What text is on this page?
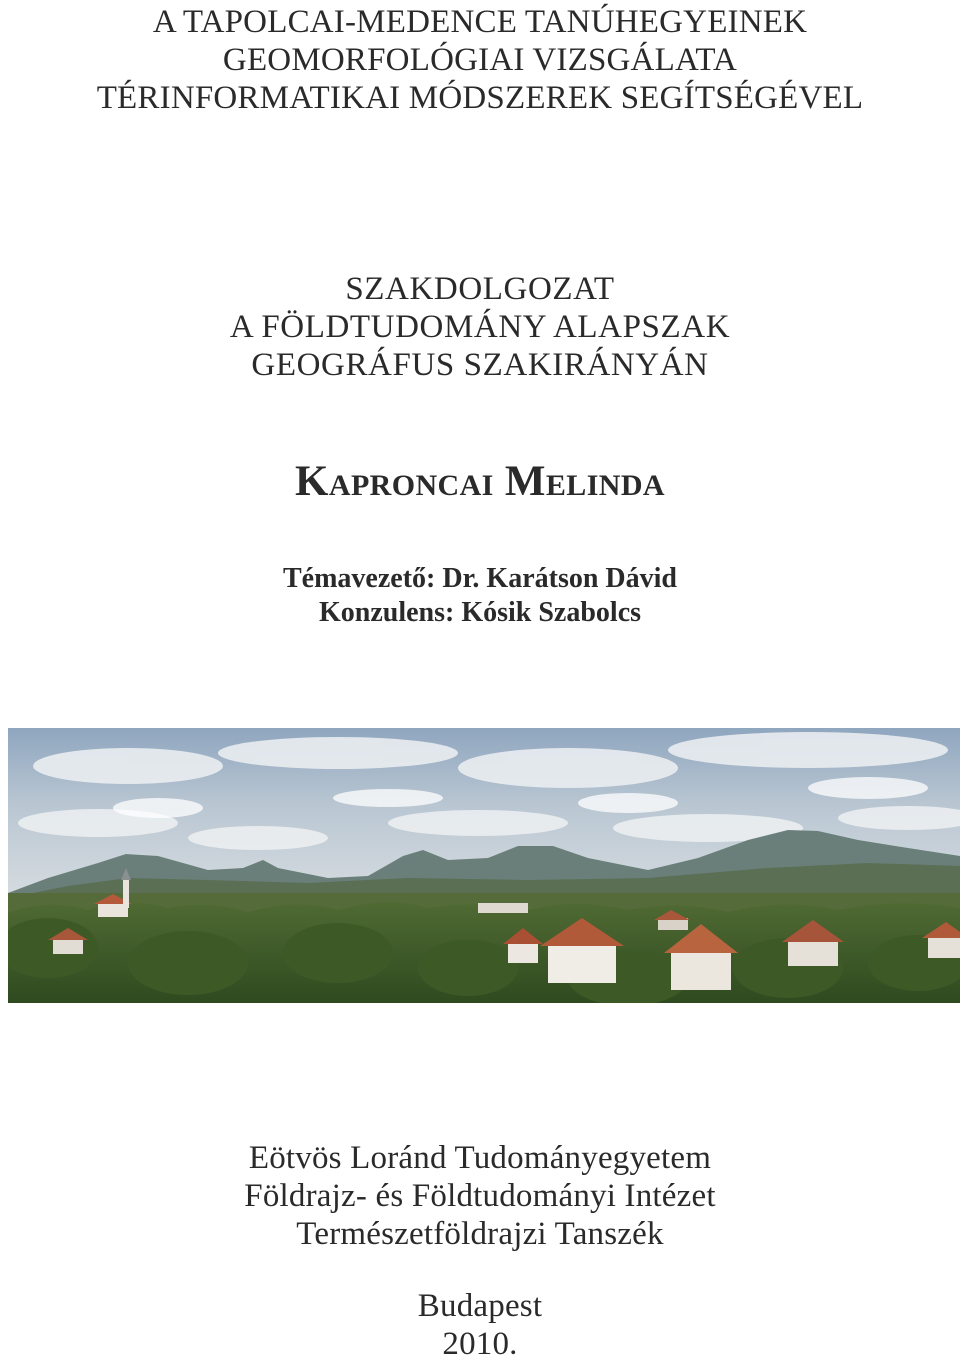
A TAPOLCAI-MEDENCE TANÚHEGYEINEK
GEOMORFOLÓGIAI VIZSGÁLATA
TÉRINFORMATIKAI MÓDSZEREK SEGÍTSÉGÉVEL
SZAKDOLGOZAT
A FÖLDTUDOMÁNY ALAPSZAK
GEOGRÁFUS SZAKIRÁNYÁN
Kaproncai Melinda
Témavezető: Dr. Karátson Dávid
Konzulens: Kósik Szabolcs
Eötvös Loránd Tudományegyetem
Földrajz- és Földtudományi Intézet
Természetföldrajzi Tanszék
Budapest
2010.
